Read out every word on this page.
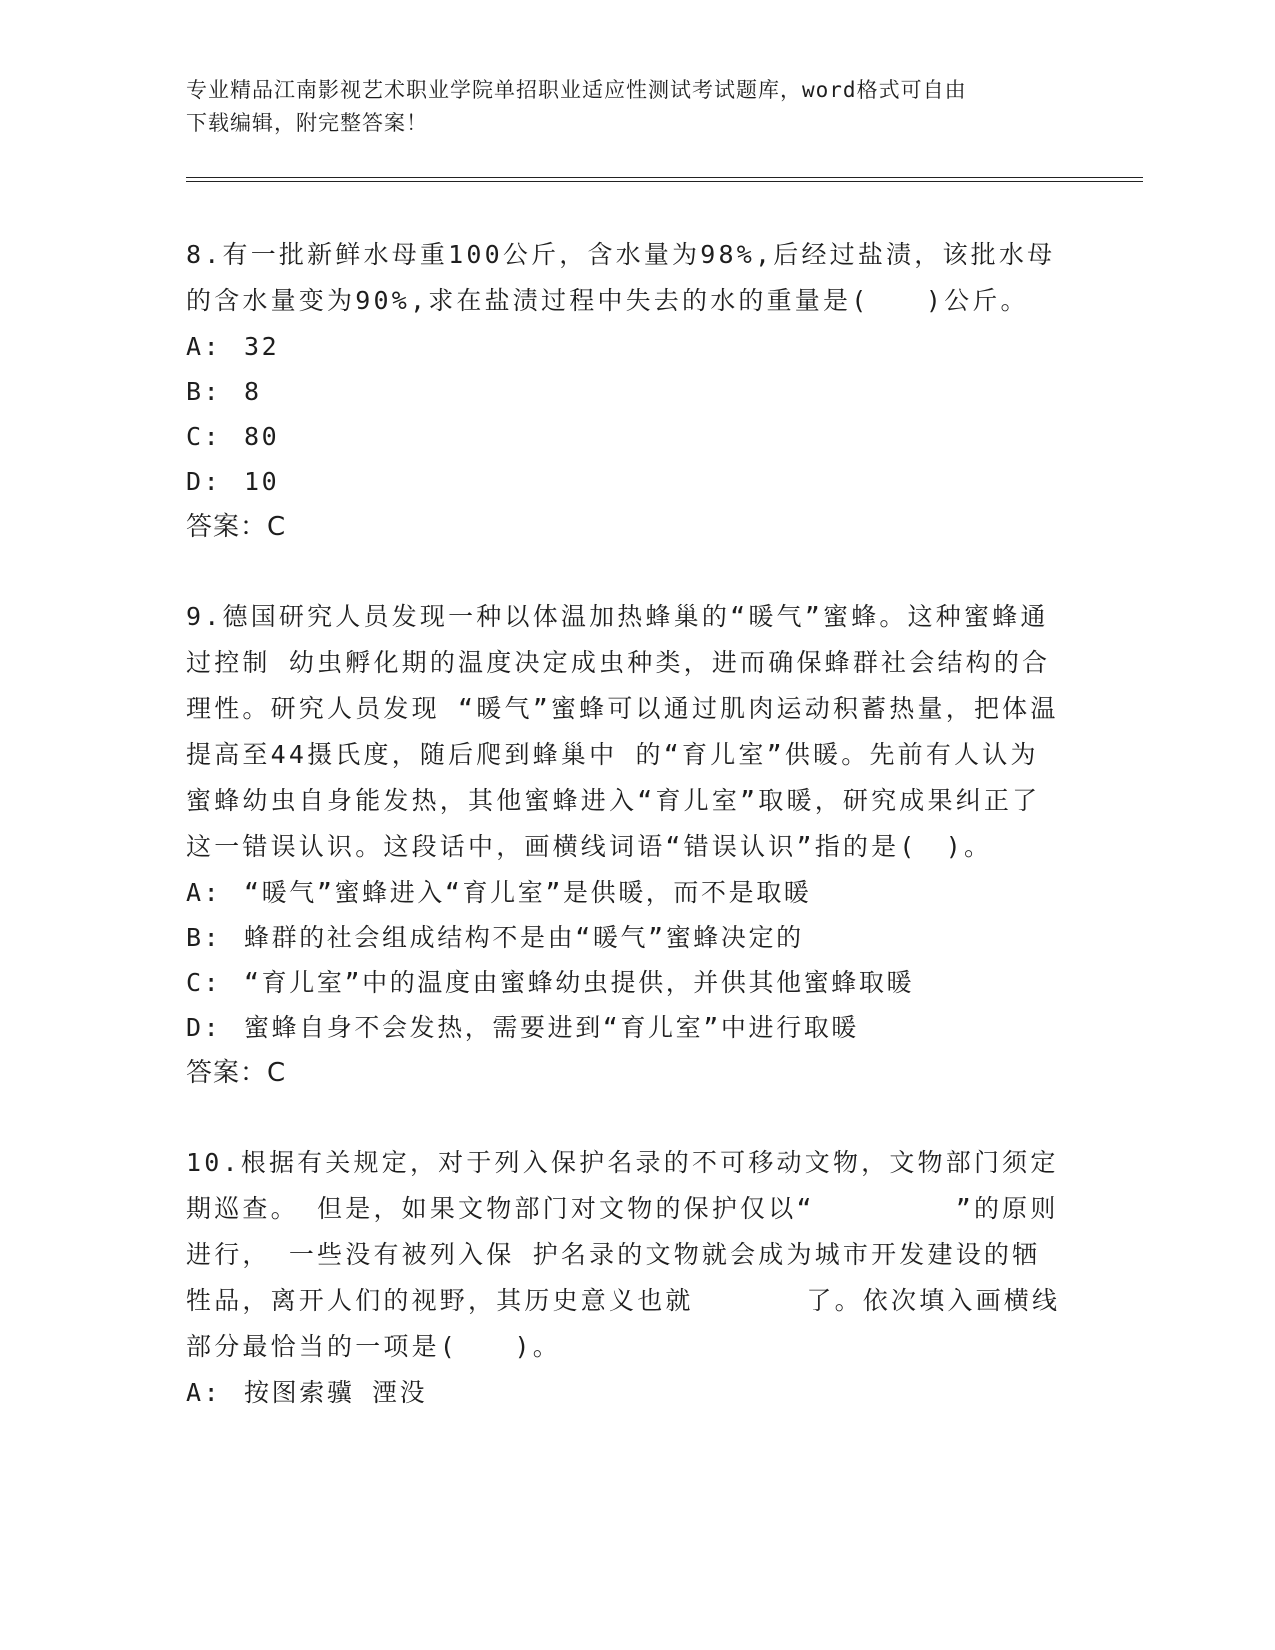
专业精品江南影视艺术职业学院单招职业适应性测试考试题库，word格式可自由
下载编辑，附完整答案！
8.有一批新鲜水母重100公斤，含水量为98%,后经过盐渍，该批水母的含水量变为90%,求在盐渍过程中失去的水的重量是(　　)公斤。
A: 32
B: 8
C: 80
D: 10
答案：C
9.德国研究人员发现一种以体温加热蜂巢的“暖气”蜜蜂。这种蜜蜂通过控制 幼虫孵化期的温度决定成虫种类，进而确保蜂群社会结构的合理性。研究人员发现 “暖气”蜜蜂可以通过肌肉运动积蓄热量，把体温提高至44摄氏度，随后爬到蜂巢中 的“育儿室”供暖。先前有人认为蜜蜂幼虫自身能发热，其他蜜蜂进入“育儿室”取暖，研究成果纠正了这一错误认识。这段话中，画横线词语“错误认识”指的是(　)。
A: “暖气”蜜蜂进入“育儿室”是供暖，而不是取暖
B: 蜂群的社会组成结构不是由“暖气”蜜蜂决定的
C: “育儿室”中的温度由蜜蜂幼虫提供，并供其他蜜蜂取暖
D: 蜜蜂自身不会发热，需要进到“育儿室”中进行取暖
答案：C
10.根据有关规定，对于列入保护名录的不可移动文物，文物部门须定期巡查。 但是，如果文物部门对文物的保护仅以“　　　　　”的原则进行， 一些没有被列入保 护名录的文物就会成为城市开发建设的牺牲品，离开人们的视野，其历史意义也就　　　　了。依次填入画横线部分最恰当的一项是(　　)。
A: 按图索骥 湮没
